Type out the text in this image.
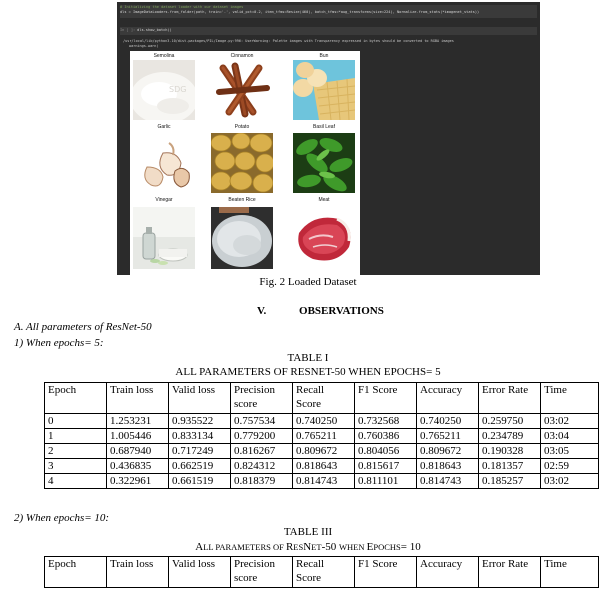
# Initializing the dataset loader with our dataset images
dls = ImageDataLoaders.from_folder(path, train='.', valid_pct=0.2, item_tfms=Resize(460), batch_tfms=*aug_transforms(size=224), Normalize.from_stats(*imagenet_stats))
In [ ]: dls.show_batch()
/usr/local/lib/python3.10/dist-packages/PIL/Image.py:996: UserWarning: Palette images with Transparency expressed in bytes should be converted to RGBA images
warnings.warn(
Semolina	Cinnamon	Bun
SDG
Garlic	Potato	Basil Leaf
Vinegar	Beaten Rice	Meat
Fig. 2 Loaded Dataset
V.	OBSERVATIONS
A. All parameters of ResNet-50
1) When epochs= 5:
TABLE I
ALL PARAMETERS OF RESNET-50 WHEN EPOCHS= 5
Epoch	Train loss	Valid loss	Precision score	Recall Score	F1 Score	Accuracy	Error Rate	Time
0	1.253231	0.935522	0.757534	0.740250	0.732568	0.740250	0.259750	03:02
1	1.005446	0.833134	0.779200	0.765211	0.760386	0.765211	0.234789	03:04
2	0.687940	0.717249	0.816267	0.809672	0.804056	0.809672	0.190328	03:05
3	0.436835	0.662519	0.824312	0.818643	0.815617	0.818643	0.181357	02:59
4	0.322961	0.661519	0.818379	0.814743	0.811101	0.814743	0.185257	03:02
2) When epochs= 10:
TABLE III
ALL PARAMETERS OF RESNET-50 WHEN EPOCHS= 10
Epoch	Train loss	Valid loss	Precision score	Recall Score	F1 Score	Accuracy	Error Rate	Time
